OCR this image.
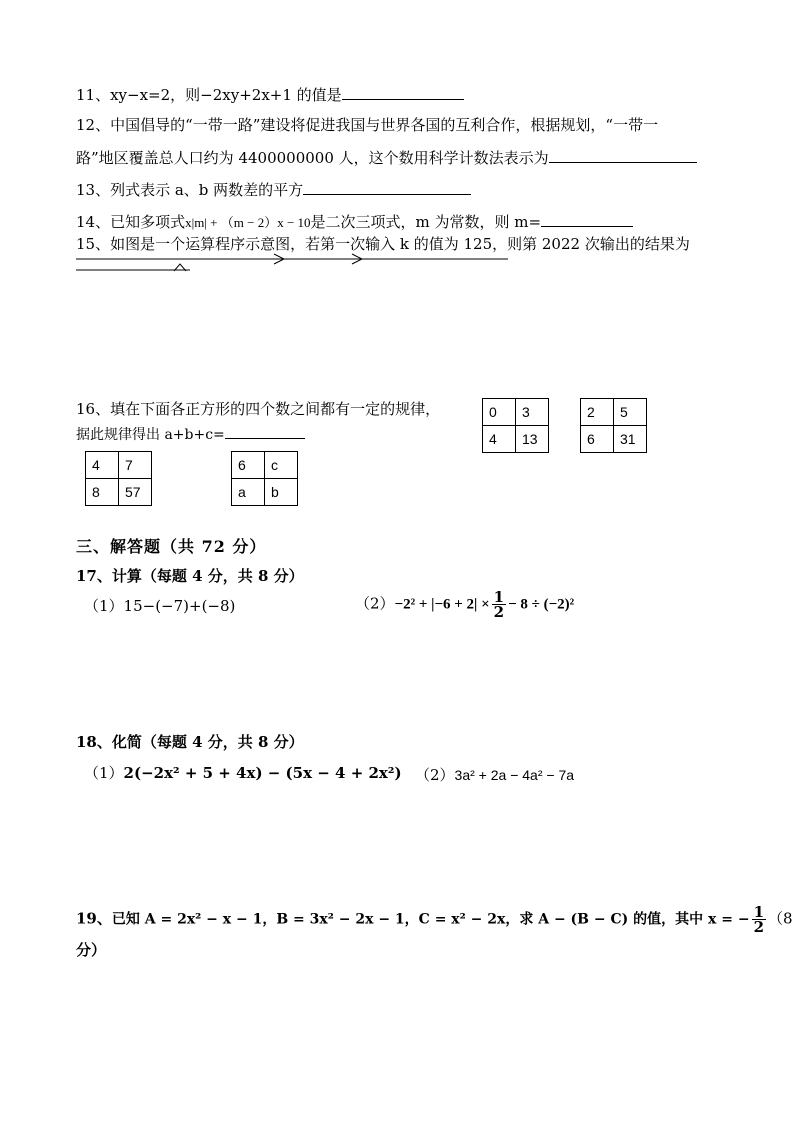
11、xy−x=2，则−2xy+2x+1 的值是
12、中国倡导的“一带一路”建设将促进我国与世界各国的互利合作，根据规划，“一带一
路”地区覆盖总人口约为 4400000000 人，这个数用科学计数法表示为
13、列式表示 a、b 两数差的平方
14、已知多项式x|m| + （m − 2）x − 10是二次三项式，m 为常数，则 m=
15、如图是一个运算程序示意图，若第一次输入 k 的值为 125，则第 2022 次输出的结果为
16、填在下面各正方形的四个数之间都有一定的规律，
据此规律得出 a+b+c=
0	3
4	13
2	5
6	31
4	7
8	57
6	c
a	b
三、解答题（共 72 分）
17、计算（每题 4 分，共 8 分）
（1）15−(−7)+(−8)	$(2)-2^2 + |-6 + 2| \times \frac{1}{2} - 8 \div (-2)^2$
18、化简（每题 4 分，共 8 分）
（1）2(−2x² + 5 + 4x) − (5x − 4 + 2x²) （2）3a² + 2a − 4a² − 7a
19、已知 A = 2x² − x − 1，B = 3x² − 2x − 1，C = x² − 2x，求 A − (B − C) 的值，其中 x = − $\frac{1}{2} (8$
分）
